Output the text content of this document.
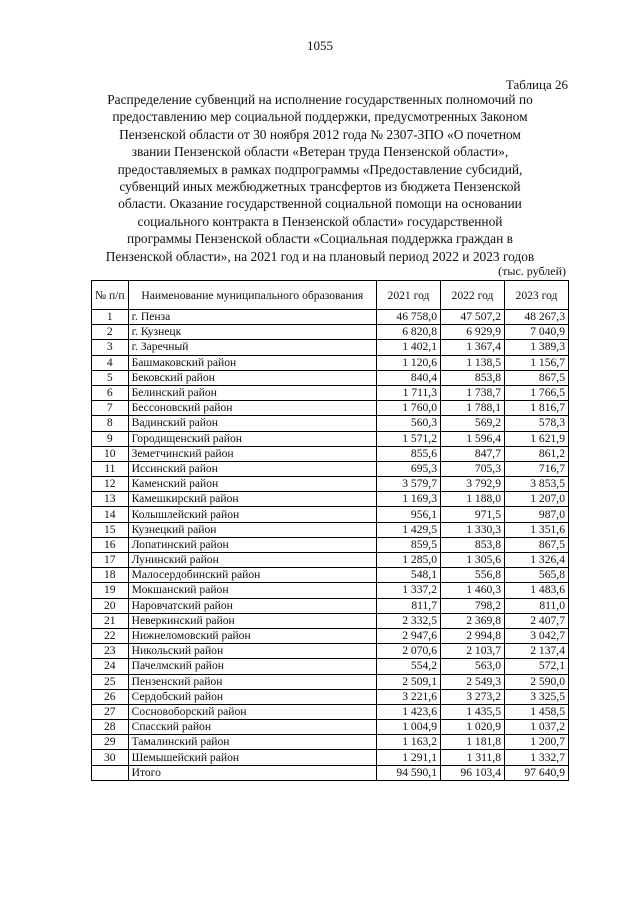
1055
Таблица 26
Распределение субвенций на исполнение государственных полномочий по
предоставлению мер социальной поддержки, предусмотренных Законом
Пензенской области от 30 ноября 2012 года № 2307-ЗПО «О почетном
звании Пензенской области «Ветеран труда Пензенской области»,
предоставляемых в рамках подпрограммы «Предоставление субсидий,
субвенций иных межбюджетных трансфертов из бюджета Пензенской
области. Оказание государственной социальной помощи на основании
социального контракта в Пензенской области» государственной
программы Пензенской области «Социальная поддержка граждан в
Пензенской области», на 2021 год и на плановый период 2022 и 2023 годов
(тыс. рублей)
№ п/п	Наименование муниципального образования	2021 год	2022 год	2023 год
1	г. Пенза	46 758,0	47 507,2	48 267,3
2	г. Кузнецк	6 820,8	6 929,9	7 040,9
3	г. Заречный	1 402,1	1 367,4	1 389,3
4	Башмаковский район	1 120,6	1 138,5	1 156,7
5	Бековский район	840,4	853,8	867,5
6	Белинский район	1 711,3	1 738,7	1 766,5
7	Бессоновский район	1 760,0	1 788,1	1 816,7
8	Вадинский район	560,3	569,2	578,3
9	Городищенский район	1 571,2	1 596,4	1 621,9
10	Земетчинский район	855,6	847,7	861,2
11	Иссинский район	695,3	705,3	716,7
12	Каменский район	3 579,7	3 792,9	3 853,5
13	Камешкирский район	1 169,3	1 188,0	1 207,0
14	Колышлейский район	956,1	971,5	987,0
15	Кузнецкий район	1 429,5	1 330,3	1 351,6
16	Лопатинский район	859,5	853,8	867,5
17	Лунинский район	1 285,0	1 305,6	1 326,4
18	Малосердобинский район	548,1	556,8	565,8
19	Мокшанский район	1 337,2	1 460,3	1 483,6
20	Наровчатский район	811,7	798,2	811,0
21	Неверкинский район	2 332,5	2 369,8	2 407,7
22	Нижнеломовский район	2 947,6	2 994,8	3 042,7
23	Никольский район	2 070,6	2 103,7	2 137,4
24	Пачелмский район	554,2	563,0	572,1
25	Пензенский район	2 509,1	2 549,3	2 590,0
26	Сердобский район	3 221,6	3 273,2	3 325,5
27	Сосновоборский район	1 423,6	1 435,5	1 458,5
28	Спасский район	1 004,9	1 020,9	1 037,2
29	Тамалинский район	1 163,2	1 181,8	1 200,7
30	Шемышейский район	1 291,1	1 311,8	1 332,7
	Итого	94 590,1	96 103,4	97 640,9
